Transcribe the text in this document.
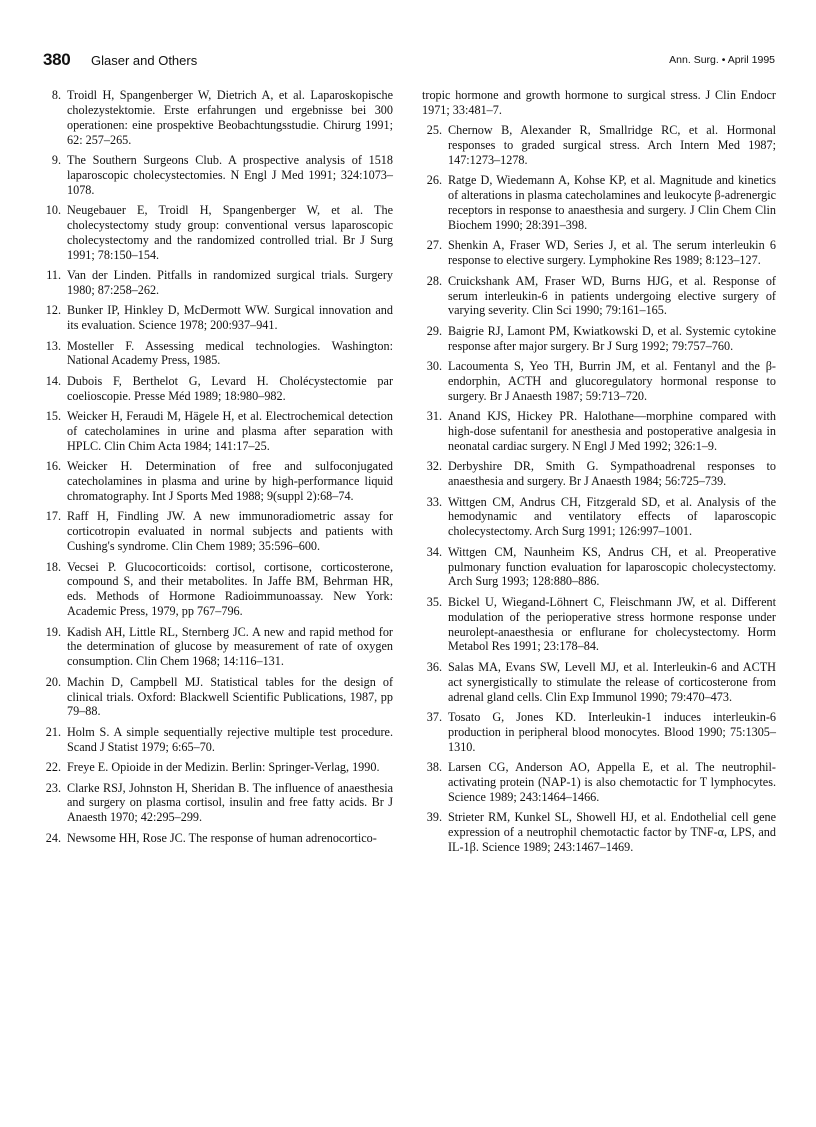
380 Glaser and Others	Ann. Surg. • April 1995
8. Troidl H, Spangenberger W, Dietrich A, et al. Laparoskopische cholezystektomie. Erste erfahrungen und ergebnisse bei 300 operationen: eine prospektive Beobachtungsstudie. Chirurg 1991; 62: 257–265.
9. The Southern Surgeons Club. A prospective analysis of 1518 laparoscopic cholecystectomies. N Engl J Med 1991; 324:1073–1078.
10. Neugebauer E, Troidl H, Spangenberger W, et al. The cholecystectomy study group: conventional versus laparoscopic cholecystectomy and the randomized controlled trial. Br J Surg 1991; 78:150–154.
11. Van der Linden. Pitfalls in randomized surgical trials. Surgery 1980; 87:258–262.
12. Bunker IP, Hinkley D, McDermott WW. Surgical innovation and its evaluation. Science 1978; 200:937–941.
13. Mosteller F. Assessing medical technologies. Washington: National Academy Press, 1985.
14. Dubois F, Berthelot G, Levard H. Cholécystectomie par coelioscopie. Presse Méd 1989; 18:980–982.
15. Weicker H, Feraudi M, Hägele H, et al. Electrochemical detection of catecholamines in urine and plasma after separation with HPLC. Clin Chim Acta 1984; 141:17–25.
16. Weicker H. Determination of free and sulfoconjugated catecholamines in plasma and urine by high-performance liquid chromatography. Int J Sports Med 1988; 9(suppl 2):68–74.
17. Raff H, Findling JW. A new immunoradiometric assay for corticotropin evaluated in normal subjects and patients with Cushing's syndrome. Clin Chem 1989; 35:596–600.
18. Vecsei P. Glucocorticoids: cortisol, cortisone, corticosterone, compound S, and their metabolites. In Jaffe BM, Behrman HR, eds. Methods of Hormone Radioimmunoassay. New York: Academic Press, 1979, pp 767–796.
19. Kadish AH, Little RL, Sternberg JC. A new and rapid method for the determination of glucose by measurement of rate of oxygen consumption. Clin Chem 1968; 14:116–131.
20. Machin D, Campbell MJ. Statistical tables for the design of clinical trials. Oxford: Blackwell Scientific Publications, 1987, pp 79–88.
21. Holm S. A simple sequentially rejective multiple test procedure. Scand J Statist 1979; 6:65–70.
22. Freye E. Opioide in der Medizin. Berlin: Springer-Verlag, 1990.
23. Clarke RSJ, Johnston H, Sheridan B. The influence of anaesthesia and surgery on plasma cortisol, insulin and free fatty acids. Br J Anaesth 1970; 42:295–299.
24. Newsome HH, Rose JC. The response of human adrenocortico-
tropic hormone and growth hormone to surgical stress. J Clin Endocr 1971; 33:481–7.
25. Chernow B, Alexander R, Smallridge RC, et al. Hormonal responses to graded surgical stress. Arch Intern Med 1987; 147:1273–1278.
26. Ratge D, Wiedemann A, Kohse KP, et al. Magnitude and kinetics of alterations in plasma catecholamines and leukocyte β-adrenergic receptors in response to anaesthesia and surgery. J Clin Chem Clin Biochem 1990; 28:391–398.
27. Shenkin A, Fraser WD, Series J, et al. The serum interleukin 6 response to elective surgery. Lymphokine Res 1989; 8:123–127.
28. Cruickshank AM, Fraser WD, Burns HJG, et al. Response of serum interleukin-6 in patients undergoing elective surgery of varying severity. Clin Sci 1990; 79:161–165.
29. Baigrie RJ, Lamont PM, Kwiatkowski D, et al. Systemic cytokine response after major surgery. Br J Surg 1992; 79:757–760.
30. Lacoumenta S, Yeo TH, Burrin JM, et al. Fentanyl and the β-endorphin, ACTH and glucoregulatory hormonal response to surgery. Br J Anaesth 1987; 59:713–720.
31. Anand KJS, Hickey PR. Halothane—morphine compared with high-dose sufentanil for anesthesia and postoperative analgesia in neonatal cardiac surgery. N Engl J Med 1992; 326:1–9.
32. Derbyshire DR, Smith G. Sympathoadrenal responses to anaesthesia and surgery. Br J Anaesth 1984; 56:725–739.
33. Wittgen CM, Andrus CH, Fitzgerald SD, et al. Analysis of the hemodynamic and ventilatory effects of laparoscopic cholecystectomy. Arch Surg 1991; 126:997–1001.
34. Wittgen CM, Naunheim KS, Andrus CH, et al. Preoperative pulmonary function evaluation for laparoscopic cholecystectomy. Arch Surg 1993; 128:880–886.
35. Bickel U, Wiegand-Löhnert C, Fleischmann JW, et al. Different modulation of the perioperative stress hormone response under neurolept-anaesthesia or enflurane for cholecystectomy. Horm Metabol Res 1991; 23:178–84.
36. Salas MA, Evans SW, Levell MJ, et al. Interleukin-6 and ACTH act synergistically to stimulate the release of corticosterone from adrenal gland cells. Clin Exp Immunol 1990; 79:470–473.
37. Tosato G, Jones KD. Interleukin-1 induces interleukin-6 production in peripheral blood monocytes. Blood 1990; 75:1305–1310.
38. Larsen CG, Anderson AO, Appella E, et al. The neutrophil-activating protein (NAP-1) is also chemotactic for T lymphocytes. Science 1989; 243:1464–1466.
39. Strieter RM, Kunkel SL, Showell HJ, et al. Endothelial cell gene expression of a neutrophil chemotactic factor by TNF-α, LPS, and IL-1β. Science 1989; 243:1467–1469.
